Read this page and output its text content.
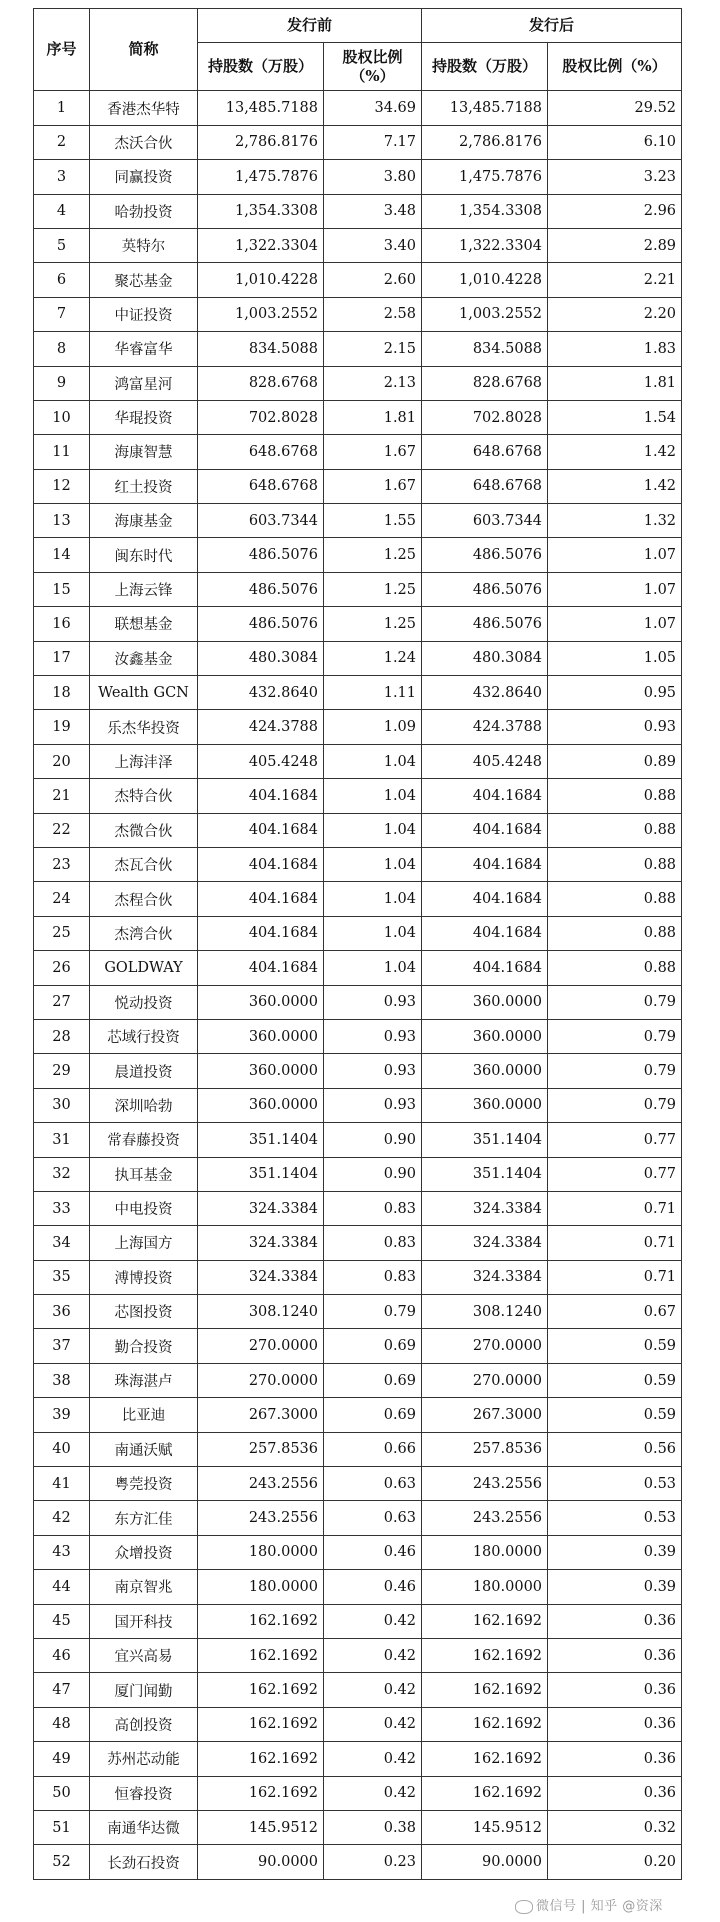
序号	简称	发行前		发行后	
		持股数（万股）	股权比例（%）	持股数（万股）	股权比例（%）
1	香港杰华特	13,485.7188	34.69	13,485.7188	29.52
2	杰沃合伙	2,786.8176	7.17	2,786.8176	6.10
3	同赢投资	1,475.7876	3.80	1,475.7876	3.23
4	哈勃投资	1,354.3308	3.48	1,354.3308	2.96
5	英特尔	1,322.3304	3.40	1,322.3304	2.89
6	聚芯基金	1,010.4228	2.60	1,010.4228	2.21
7	中证投资	1,003.2552	2.58	1,003.2552	2.20
8	华睿富华	834.5088	2.15	834.5088	1.83
9	鸿富星河	828.6768	2.13	828.6768	1.81
10	华琨投资	702.8028	1.81	702.8028	1.54
11	海康智慧	648.6768	1.67	648.6768	1.42
12	红土投资	648.6768	1.67	648.6768	1.42
13	海康基金	603.7344	1.55	603.7344	1.32
14	闽东时代	486.5076	1.25	486.5076	1.07
15	上海云锋	486.5076	1.25	486.5076	1.07
16	联想基金	486.5076	1.25	486.5076	1.07
17	汝鑫基金	480.3084	1.24	480.3084	1.05
18	Wealth GCN	432.8640	1.11	432.8640	0.95
19	乐杰华投资	424.3788	1.09	424.3788	0.93
20	上海沣泽	405.4248	1.04	405.4248	0.89
21	杰特合伙	404.1684	1.04	404.1684	0.88
22	杰微合伙	404.1684	1.04	404.1684	0.88
23	杰瓦合伙	404.1684	1.04	404.1684	0.88
24	杰程合伙	404.1684	1.04	404.1684	0.88
25	杰湾合伙	404.1684	1.04	404.1684	0.88
26	GOLDWAY	404.1684	1.04	404.1684	0.88
27	悦动投资	360.0000	0.93	360.0000	0.79
28	芯域行投资	360.0000	0.93	360.0000	0.79
29	晨道投资	360.0000	0.93	360.0000	0.79
30	深圳哈勃	360.0000	0.93	360.0000	0.79
31	常春藤投资	351.1404	0.90	351.1404	0.77
32	执耳基金	351.1404	0.90	351.1404	0.77
33	中电投资	324.3384	0.83	324.3384	0.71
34	上海国方	324.3384	0.83	324.3384	0.71
35	溥博投资	324.3384	0.83	324.3384	0.71
36	芯图投资	308.1240	0.79	308.1240	0.67
37	勤合投资	270.0000	0.69	270.0000	0.59
38	珠海湛卢	270.0000	0.69	270.0000	0.59
39	比亚迪	267.3000	0.69	267.3000	0.59
40	南通沃赋	257.8536	0.66	257.8536	0.56
41	粤莞投资	243.2556	0.63	243.2556	0.53
42	东方汇佳	243.2556	0.63	243.2556	0.53
43	众增投资	180.0000	0.46	180.0000	0.39
44	南京智兆	180.0000	0.46	180.0000	0.39
45	国开科技	162.1692	0.42	162.1692	0.36
46	宜兴高易	162.1692	0.42	162.1692	0.36
47	厦门闻勤	162.1692	0.42	162.1692	0.36
48	高创投资	162.1692	0.42	162.1692	0.36
49	苏州芯动能	162.1692	0.42	162.1692	0.36
50	恒睿投资	162.1692	0.42	162.1692	0.36
51	南通华达微	145.9512	0.38	145.9512	0.32
52	长劲石投资	90.0000	0.23	90.0000	0.20
微信号 | 知乎 @资深
